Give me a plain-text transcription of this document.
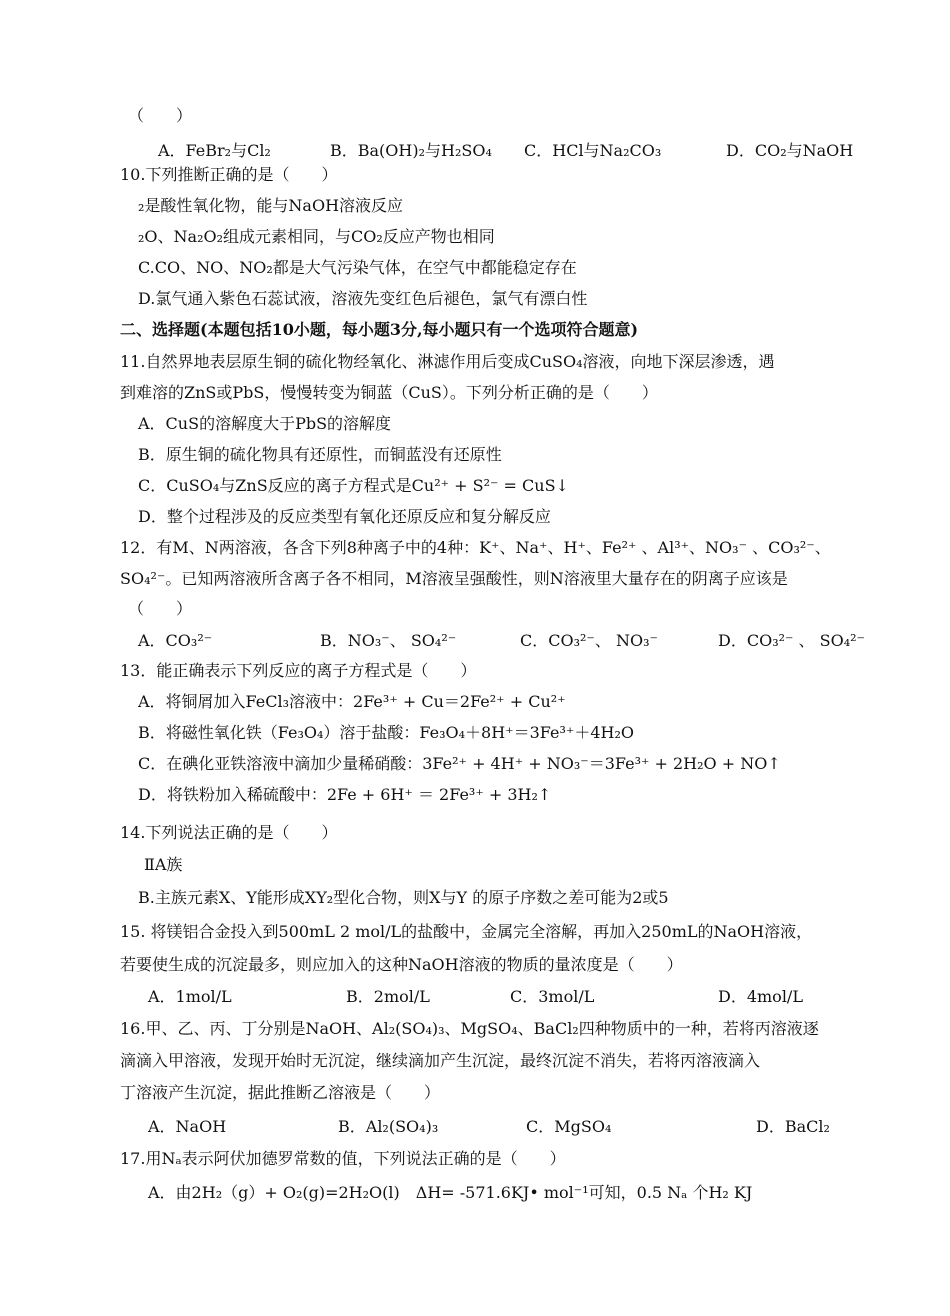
（　　）
A．FeBr₂与Cl₂	B．Ba(OH)₂与H₂SO₄ C．HCl与Na₂CO₃	D．CO₂与NaOH
10.下列推断正确的是（　　）
₂是酸性氧化物，能与NaOH溶液反应
₂O、Na₂O₂组成元素相同，与CO₂反应产物也相同
C.CO、NO、NO₂都是大气污染气体，在空气中都能稳定存在
D.氯气通入紫色石蕊试液，溶液先变红色后褪色，氯气有漂白性
二、选择题(本题包括10小题，每小题3分,每小题只有一个选项符合题意)
11.自然界地表层原生铜的硫化物经氧化、淋滤作用后变成CuSO₄溶液，向地下深层渗透，遇
到难溶的ZnS或PbS，慢慢转变为铜蓝（CuS）。下列分析正确的是（　　）
A．CuS的溶解度大于PbS的溶解度
B．原生铜的硫化物具有还原性，而铜蓝没有还原性
C．CuSO₄与ZnS反应的离子方程式是Cu²⁺ + S²⁻ = CuS↓
D．整个过程涉及的反应类型有氧化还原反应和复分解反应
12．有M、N两溶液，各含下列8种离子中的4种：K⁺、Na⁺、H⁺、Fe²⁺ 、Al³⁺、NO₃⁻ 、CO₃²⁻、
SO₄²⁻。已知两溶液所含离子各不相同，M溶液呈强酸性，则N溶液里大量存在的阴离子应该是
（　　）
A．CO₃²⁻	B．NO₃⁻、 SO₄²⁻	C．CO₃²⁻、 NO₃⁻	D．CO₃²⁻ 、 SO₄²⁻
13．能正确表示下列反应的离子方程式是（　　）
A．将铜屑加入FeCl₃溶液中：2Fe³⁺ + Cu＝2Fe²⁺ + Cu²⁺
B．将磁性氧化铁（Fe₃O₄）溶于盐酸：Fe₃O₄＋8H⁺＝3Fe³⁺＋4H₂O
C．在碘化亚铁溶液中滴加少量稀硝酸：3Fe²⁺ + 4H⁺ + NO₃⁻＝3Fe³⁺ + 2H₂O + NO↑
D．将铁粉加入稀硫酸中：2Fe + 6H⁺ ＝ 2Fe³⁺ + 3H₂↑
14.下列说法正确的是（　　）
ⅡA族
B.主族元素X、Y能形成XY₂型化合物，则X与Y 的原子序数之差可能为2或5
15. 将镁铝合金投入到500mL 2 mol/L的盐酸中，金属完全溶解，再加入250mL的NaOH溶液，
若要使生成的沉淀最多，则应加入的这种NaOH溶液的物质的量浓度是（　　）
A．1mol/L	B．2mol/L	C．3mol/L	D．4mol/L
16.甲、乙、丙、丁分别是NaOH、Al₂(SO₄)₃、MgSO₄、BaCl₂四种物质中的一种，若将丙溶液逐
滴滴入甲溶液，发现开始时无沉淀，继续滴加产生沉淀，最终沉淀不消失，若将丙溶液滴入
丁溶液产生沉淀，据此推断乙溶液是（　　）
A．NaOH	B．Al₂(SO₄)₃	C．MgSO₄	D．BaCl₂
17.用Nₐ表示阿伏加德罗常数的值，下列说法正确的是（　　）
A．由2H₂（g）+ O₂(g)=2H₂O(l)　ΔH= -571.6KJ• mol⁻¹可知，0.5 Nₐ 个H₂ KJ
